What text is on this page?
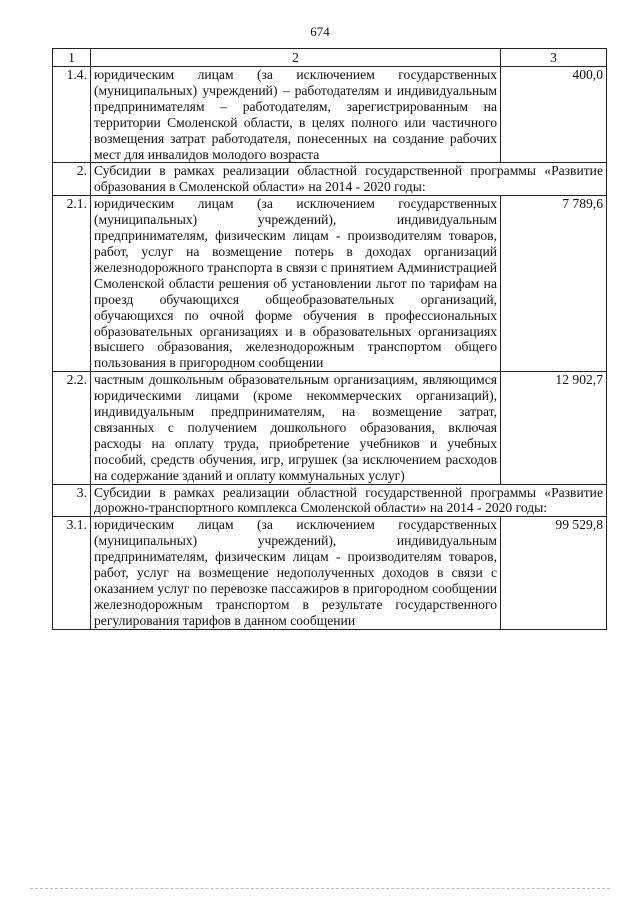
674
1	2	3
1.4.	юридическим лицам (за исключением государственных (муниципальных) учреждений) – работодателям и индивидуальным предпринимателям – работодателям, зарегистрированным на территории Смоленской области, в целях полного или частичного возмещения затрат работодателя, понесенных на создание рабочих мест для инвалидов молодого возраста	400,0
2.	Субсидии в рамках реализации областной государственной программы «Развитие образования в Смоленской области» на 2014 - 2020 годы:	
2.1.	юридическим лицам (за исключением государственных (муниципальных) учреждений), индивидуальным предпринимателям, физическим лицам - производителям товаров, работ, услуг на возмещение потерь в доходах организаций железнодорожного транспорта в связи с принятием Администрацией Смоленской области решения об установлении льгот по тарифам на проезд обучающихся общеобразовательных организаций, обучающихся по очной форме обучения в профессиональных образовательных организациях и в образовательных организациях высшего образования, железнодорожным транспортом общего пользования в пригородном сообщении	7 789,6
2.2.	частным дошкольным образовательным организациям, являющимся юридическими лицами (кроме некоммерческих организаций), индивидуальным предпринимателям, на возмещение затрат, связанных с получением дошкольного образования, включая расходы на оплату труда, приобретение учебников и учебных пособий, средств обучения, игр, игрушек (за исключением расходов на содержание зданий и оплату коммунальных услуг)	12 902,7
3.	Субсидии в рамках реализации областной государственной программы «Развитие дорожно-транспортного комплекса Смоленской области» на 2014 - 2020 годы:	
3.1.	юридическим лицам (за исключением государственных (муниципальных) учреждений), индивидуальным предпринимателям, физическим лицам - производителям товаров, работ, услуг на возмещение недополученных доходов в связи с оказанием услуг по перевозке пассажиров в пригородном сообщении железнодорожным транспортом в результате государственного регулирования тарифов в данном сообщении	99 529,8
